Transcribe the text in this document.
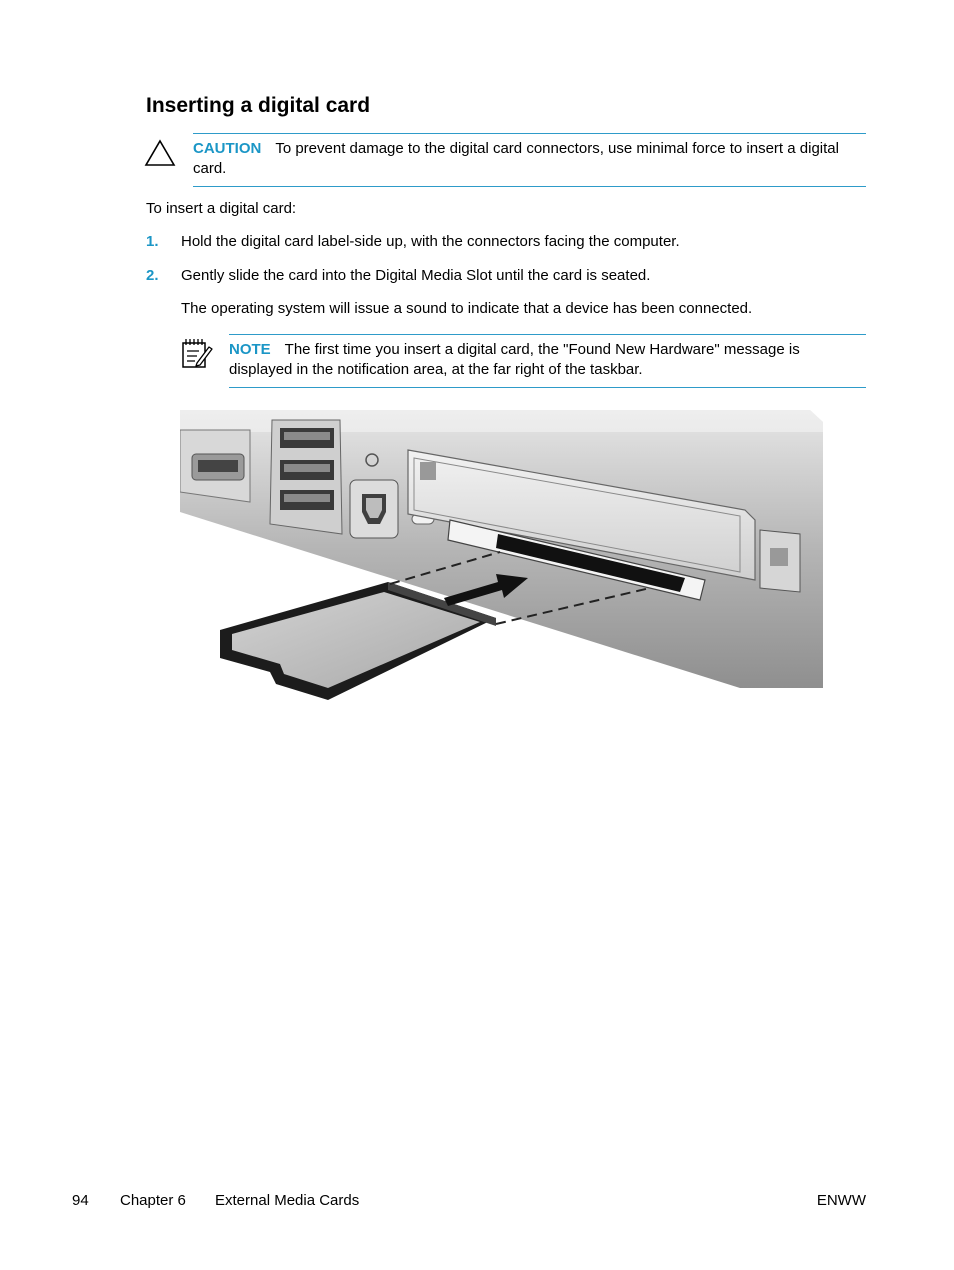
Inserting a digital card
CAUTION To prevent damage to the digital card connectors, use minimal force to insert a digital card.

To insert a digital card:

1. Hold the digital card label-side up, with the connectors facing the computer.
2. Gently slide the card into the Digital Media Slot until the card is seated.

The operating system will issue a sound to indicate that a device has been connected.

NOTE The first time you insert a digital card, the "Found New Hardware" message is displayed in the notification area, at the far right of the taskbar.
94 Chapter 6 External Media Cards	ENWW
